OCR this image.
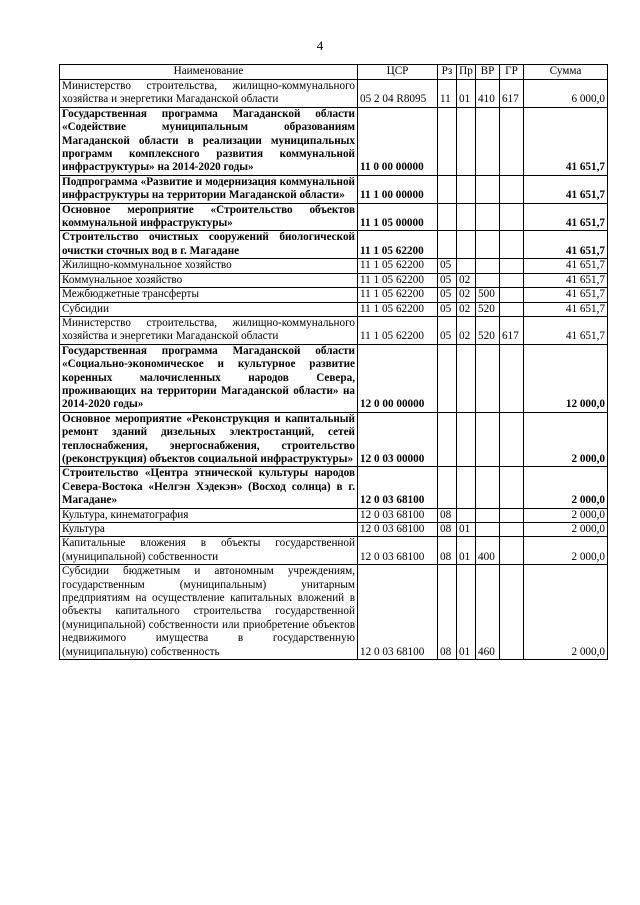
4
Наименование	ЦСР	Рз	Пр	ВР	ГР	Сумма
Министерство строительства, жилищно-коммунального хозяйства и энергетики Магаданской области	05 2 04 R8095	11	01	410	617	6 000,0
Государственная программа Магаданской области «Содействие муниципальным образованиям Магаданской области в реализации муниципальных программ комплексного развития коммунальной инфраструктуры» на 2014-2020 годы»	11 0 00 00000					41 651,7
Подпрограмма «Развитие и модернизация коммунальной инфраструктуры на территории Магаданской области»	11 1 00 00000					41 651,7
Основное мероприятие «Строительство объектов коммунальной инфраструктуры»	11 1 05 00000					41 651,7
Строительство очистных сооружений биологической очистки сточных вод в г. Магадане	11 1 05 62200					41 651,7
Жилищно-коммунальное хозяйство	11 1 05 62200	05				41 651,7
Коммунальное хозяйство	11 1 05 62200	05	02			41 651,7
Межбюджетные трансферты	11 1 05 62200	05	02	500		41 651,7
Субсидии	11 1 05 62200	05	02	520		41 651,7
Министерство строительства, жилищно-коммунального хозяйства и энергетики Магаданской области	11 1 05 62200	05	02	520	617	41 651,7
Государственная программа Магаданской области «Социально-экономическое и культурное развитие коренных малочисленных народов Севера, проживающих на территории Магаданской области» на 2014-2020 годы»	12 0 00 00000					12 000,0
Основное мероприятие «Реконструкция и капитальный ремонт зданий дизельных электростанций, сетей теплоснабжения, энергоснабжения, строительство (реконструкция) объектов социальной инфраструктуры»	12 0 03 00000					2 000,0
Строительство «Центра этнической культуры народов Севера-Востока «Нелгэн Хэдекэн» (Восход солнца) в г. Магадане»	12 0 03 68100					2 000,0
Культура, кинематография	12 0 03 68100	08				2 000,0
Культура	12 0 03 68100	08	01			2 000,0
Капитальные вложения в объекты государственной (муниципальной) собственности	12 0 03 68100	08	01	400		2 000,0
Субсидии бюджетным и автономным учреждениям, государственным (муниципальным) унитарным предприятиям на осуществление капитальных вложений в объекты капитального строительства государственной (муниципальной) собственности или приобретение объектов недвижимого имущества в государственную (муниципальную) собственность	12 0 03 68100	08	01	460		2 000,0
